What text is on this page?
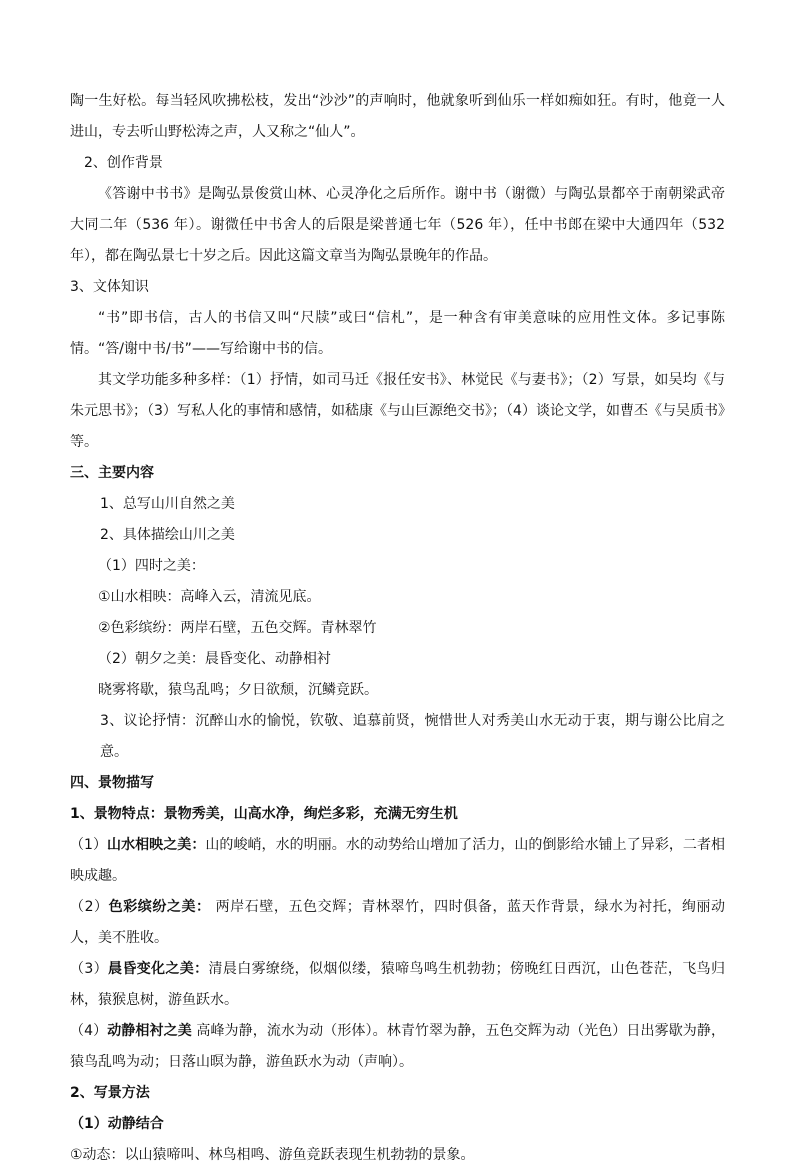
陶一生好松。每当轻风吹拂松枝，发出“沙沙”的声响时，他就象听到仙乐一样如痴如狂。有时，他竟一人进山，专去听山野松涛之声，人又称之“仙人”。

2、创作背景

《答谢中书书》是陶弘景俊赏山林、心灵净化之后所作。谢中书（谢微）与陶弘景都卒于南朝梁武帝大同二年（536 年）。谢微任中书舍人的后限是梁普通七年（526 年），任中书郎在梁中大通四年（532 年），都在陶弘景七十岁之后。因此这篇文章当为陶弘景晚年的作品。

3、文体知识

“书”即书信，古人的书信又叫“尺牍”或曰“信札”，是一种含有审美意味的应用性文体。多记事陈情。“答/谢中书/书”——写给谢中书的信。

其文学功能多种多样：（1）抒情，如司马迁《报任安书》、林觉民《与妻书》；（2）写景，如吴均《与朱元思书》；（3）写私人化的事情和感情，如嵇康《与山巨源绝交书》；（4）谈论文学，如曹丕《与吴质书》等。

三、主要内容

1、总写山川自然之美

2、具体描绘山川之美

（1）四时之美：

①山水相映：高峰入云，清流见底。

②色彩缤纷：两岸石壁，五色交辉。青林翠竹

（2）朝夕之美：晨昏变化、动静相衬

晓雾将歇，猿鸟乱鸣；夕日欲颓，沉鳞竞跃。

3、议论抒情：沉醉山水的愉悦，钦敬、追慕前贤，惋惜世人对秀美山水无动于衷，期与谢公比肩之意。

四、景物描写

1、景物特点：景物秀美，山高水净，绚烂多彩，充满无穷生机

（1）山水相映之美：山的峻峭，水的明丽。水的动势给山增加了活力，山的倒影给水铺上了异彩，二者相映成趣。

（2）色彩缤纷之美： 两岸石壁，五色交辉；青林翠竹，四时俱备，蓝天作背景，绿水为衬托，绚丽动人，美不胜收。

（3）晨昏变化之美：清晨白雾缭绕，似烟似缕，猿啼鸟鸣生机勃勃；傍晚红日西沉，山色苍茫，飞鸟归林，猿猴息树，游鱼跃水。

（4）动静相衬之美 高峰为静，流水为动（形体）。林青竹翠为静，五色交辉为动（光色）日出雾歇为静，猿鸟乱鸣为动；日落山暝为静，游鱼跃水为动（声响）。

2、写景方法

（1）动静结合

①动态：以山猿啼叫、林鸟相鸣、游鱼竞跃表现生机勃勃的景象。
